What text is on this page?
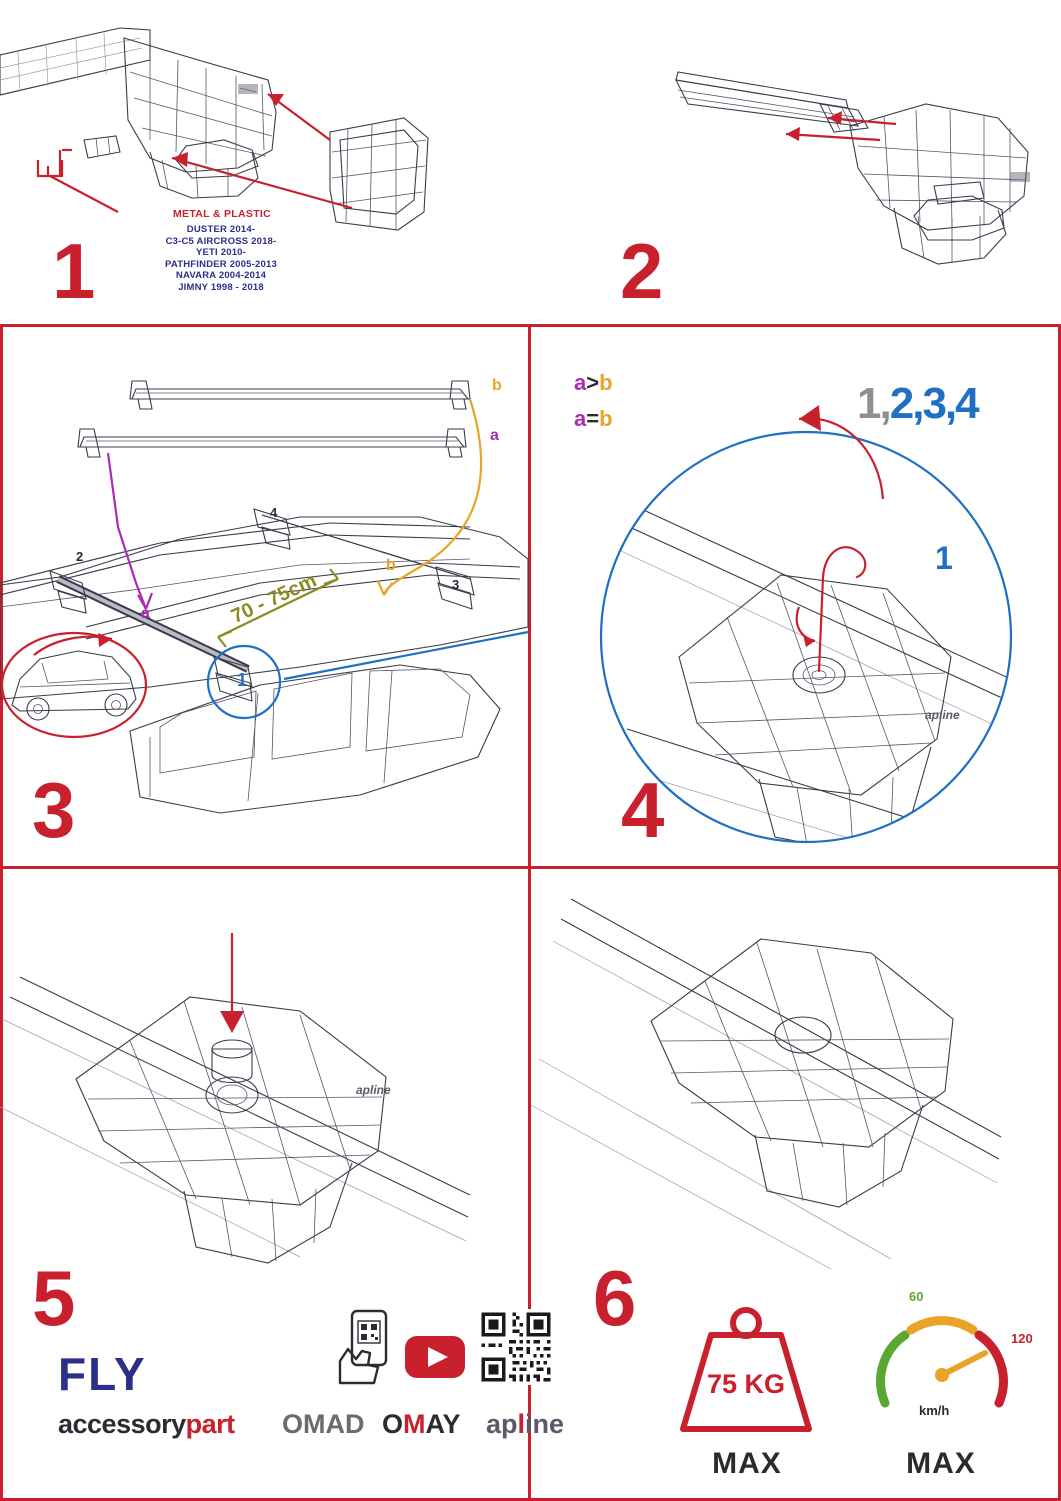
METAL & PLASTIC
DUSTER 2014-
C3-C5 AIRCROSS 2018-
YETI 2010-
PATHFINDER 2005-2013
NAVARA 2004-2014
JIMNY 1998 - 2018
1	2
b
a
a
b
2
4
3
1
70 - 75cm
3
a>b
a=b	1,2,3,4
1
apline
4
apline
5
FLY
accessorypart OMAD OMAY apline
6
75 KG
MAX
60
120
km/h
MAX
